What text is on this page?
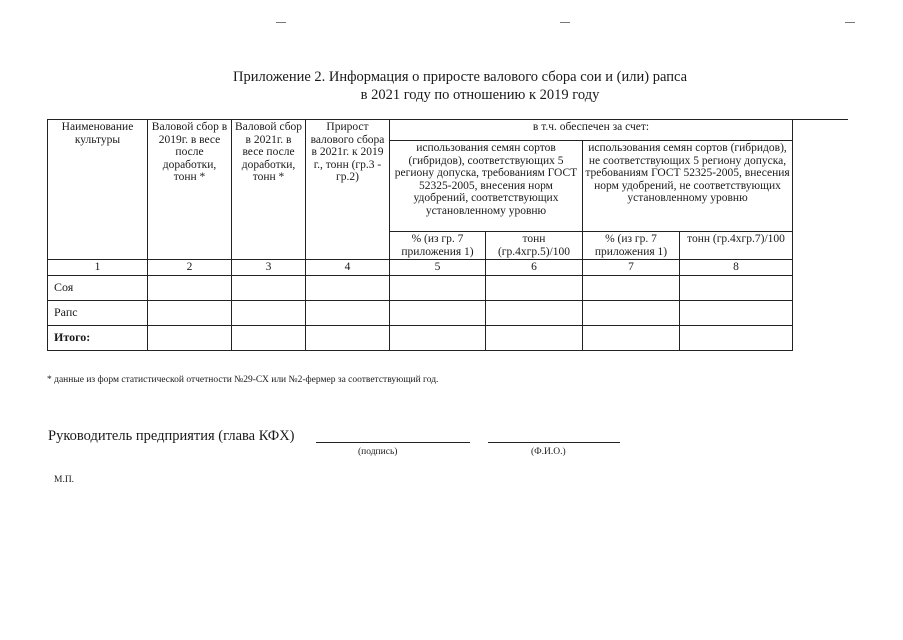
Приложение 2. Информация о приросте валового сбора сои и (или) рапса
в 2021 году по отношению к 2019 году
Наименование культуры	Валовой сбор в 2019г. в весе после доработки, тонн *	Валовой сбор в 2021г. в весе после доработки, тонн *	Прирост валового сбора в 2021г. к 2019 г., тонн (гр.3 - гр.2)	в т.ч. обеспечен за счет:			
				использования семян сортов (гибридов), соответствующих 5 региону допуска, требованиям ГОСТ 52325-2005, внесения норм удобрений, соответствующих установленному уровню		использования семян сортов (гибридов), не соответствующих 5 региону допуска, требованиям ГОСТ 52325-2005, внесения норм удобрений, не соответствующих установленному уровню	
				% (из гр. 7 приложения 1)	тонн (гр.4хгр.5)/100	% (из гр. 7 приложения 1)	тонн (гр.4хгр.7)/100
1	2	3	4	5	6	7	8
Соя							
Рапс							
Итого:							
* данные из форм статистической отчетности №29-СХ или №2-фермер за соответствующий год.
Руководитель предприятия (глава КФХ)
(подпись)	(Ф.И.О.)
М.П.
